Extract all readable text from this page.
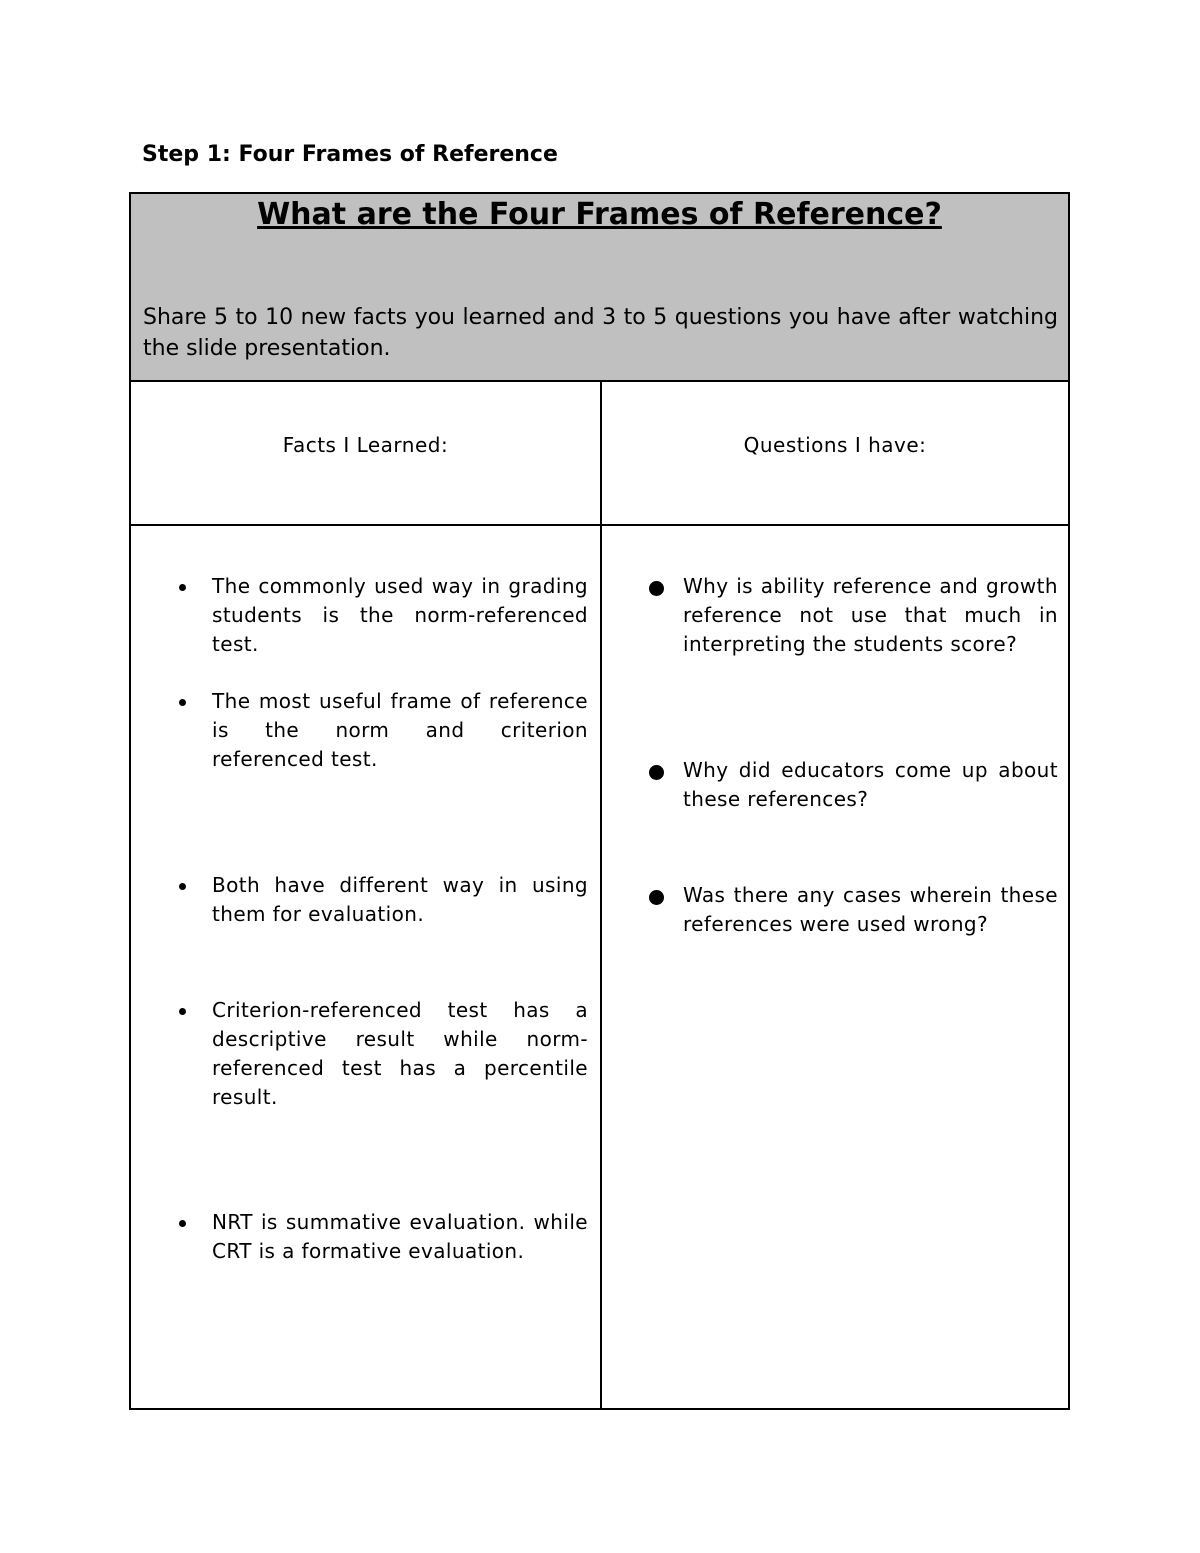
Step 1: Four Frames of Reference
What are the Four Frames of Reference?

Share 5 to 10 new facts you learned and 3 to 5 questions you have after watching the slide presentation.

Facts I Learned:	Questions I have:
The commonly used way in grading students is the norm-referenced test.
The most useful frame of reference is the norm and criterion referenced test.
Both have different way in using them for evaluation.
Criterion-referenced test has a descriptive result while norm-referenced test has a percentile result.
NRT is summative evaluation. while CRT is a formative evaluation.
Why is ability reference and growth reference not use that much in interpreting the students score?
Why did educators come up about these references?
Was there any cases wherein these references were used wrong?
